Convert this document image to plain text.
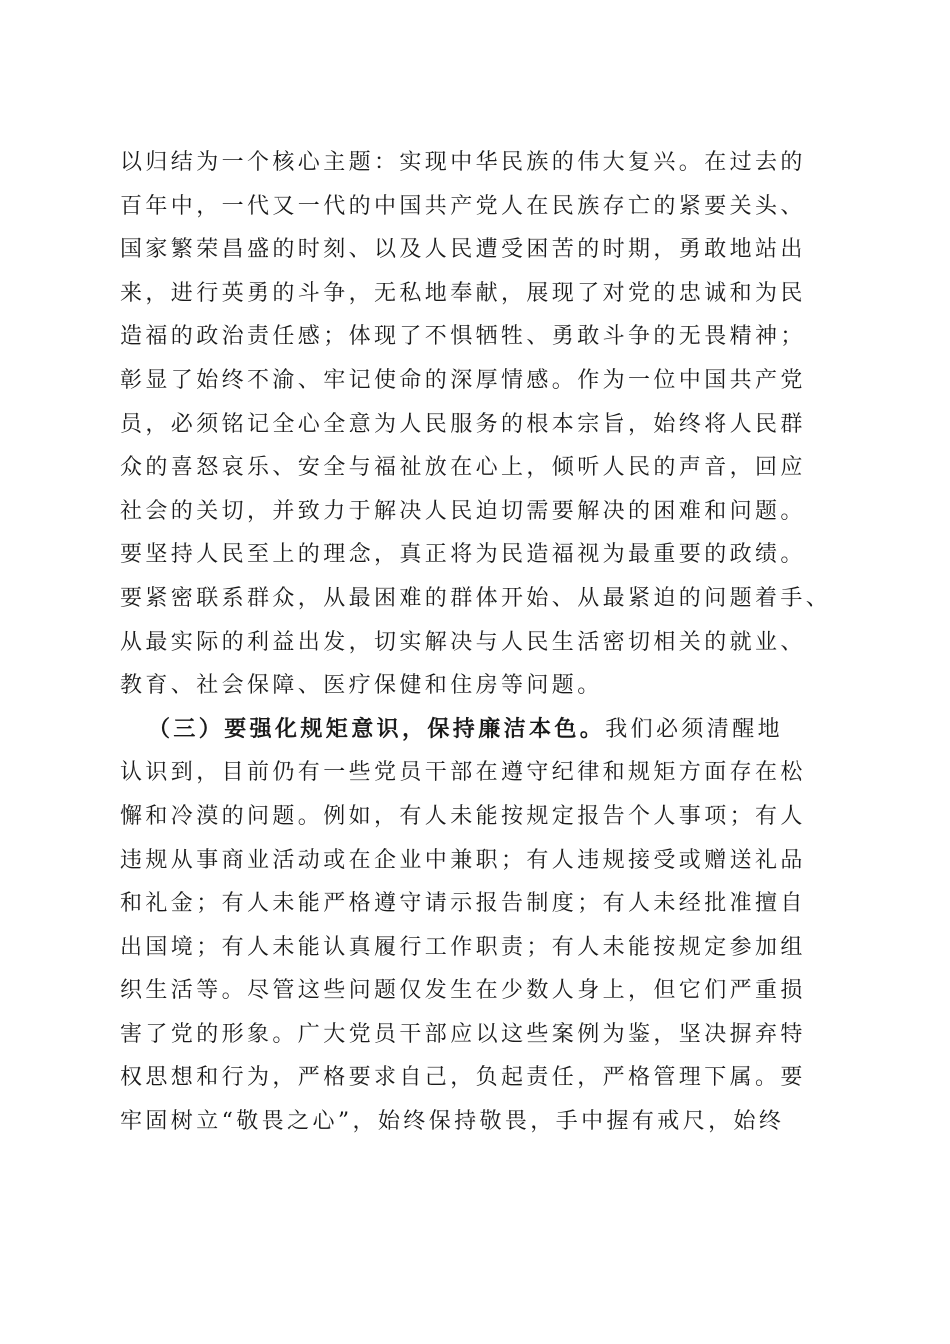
以归结为一个核心主题：实现中华民族的伟大复兴。在过去的
百年中，一代又一代的中国共产党人在民族存亡的紧要关头、
国家繁荣昌盛的时刻、以及人民遭受困苦的时期，勇敢地站出
来，进行英勇的斗争，无私地奉献，展现了对党的忠诚和为民
造福的政治责任感；体现了不惧牺牲、勇敢斗争的无畏精神；
彰显了始终不渝、牢记使命的深厚情感。作为一位中国共产党
员，必须铭记全心全意为人民服务的根本宗旨，始终将人民群
众的喜怒哀乐、安全与福祉放在心上，倾听人民的声音，回应
社会的关切，并致力于解决人民迫切需要解决的困难和问题。
要坚持人民至上的理念，真正将为民造福视为最重要的政绩。
要紧密联系群众，从最困难的群体开始、从最紧迫的问题着手、
从最实际的利益出发，切实解决与人民生活密切相关的就业、
教育、社会保障、医疗保健和住房等问题。
（三）要强化规矩意识，保持廉洁本色。我们必须清醒地
认识到，目前仍有一些党员干部在遵守纪律和规矩方面存在松
懈和冷漠的问题。例如，有人未能按规定报告个人事项；有人
违规从事商业活动或在企业中兼职；有人违规接受或赠送礼品
和礼金；有人未能严格遵守请示报告制度；有人未经批准擅自
出国境；有人未能认真履行工作职责；有人未能按规定参加组
织生活等。尽管这些问题仅发生在少数人身上，但它们严重损
害了党的形象。广大党员干部应以这些案例为鉴，坚决摒弃特
权思想和行为，严格要求自己，负起责任，严格管理下属。要
牢固树立“敬畏之心”，始终保持敬畏，手中握有戒尺，始终
